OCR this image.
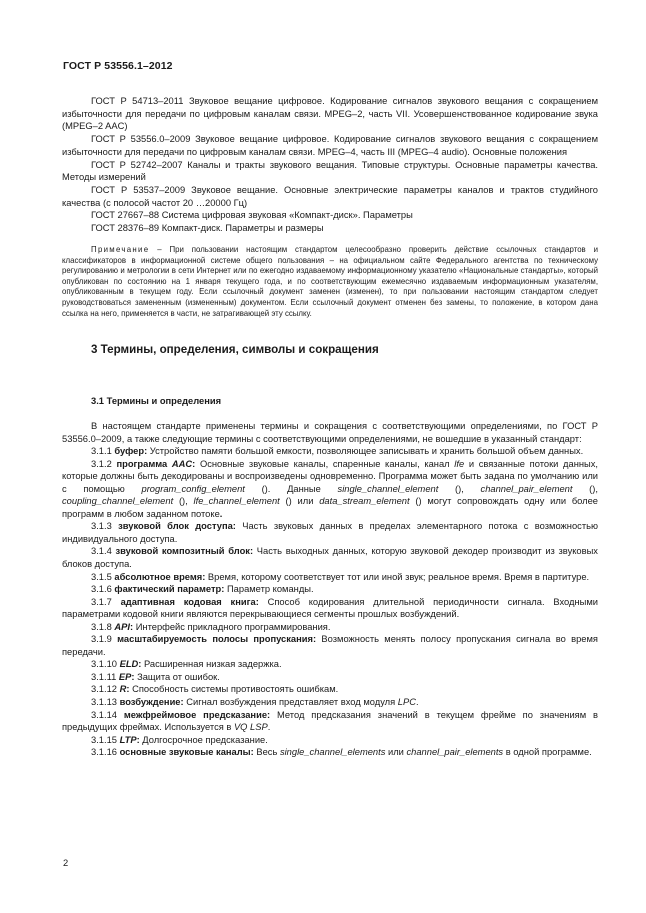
ГОСТ Р 53556.1–2012

ГОСТ Р 54713–2011 Звуковое вещание цифровое. Кодирование сигналов звукового вещания с сокращением избыточности для передачи по цифровым каналам связи. MPEG–2, часть VII. Усовершенствованное кодирование звука (MPEG–2 AAC)

ГОСТ Р 53556.0–2009 Звуковое вещание цифровое. Кодирование сигналов звукового вещания с сокращением избыточности для передачи по цифровым каналам связи. MPEG–4, часть III (MPEG–4 audio). Основные положения

ГОСТ Р 52742–2007 Каналы и тракты звукового вещания. Типовые структуры. Основные параметры качества. Методы измерений

ГОСТ Р 53537–2009 Звуковое вещание. Основные электрические параметры каналов и трактов студийного качества (с полосой частот 20 …20000 Гц)

ГОСТ 27667–88 Система цифровая звуковая «Компакт-диск». Параметры

ГОСТ 28376–89 Компакт-диск. Параметры и размеры

Примечание – При пользовании настоящим стандартом целесообразно проверить действие ссылочных стандартов и классификаторов в информационной системе общего пользования – на официальном сайте Федерального агентства по техническому регулированию и метрологии в сети Интернет или по ежегодно издаваемому информационному указателю «Национальные стандарты», который опубликован по состоянию на 1 января текущего года, и по соответствующим ежемесячно издаваемым информационным указателям, опубликованным в текущем году. Если ссылочный документ заменен (изменен), то при пользовании настоящим стандартом следует руководствоваться замененным (измененным) документом. Если ссылочный документ отменен без замены, то положение, в котором дана ссылка на него, применяется в части, не затрагивающей эту ссылку.

3 Термины, определения, символы и сокращения
3.1 Термины и определения

В настоящем стандарте применены термины и сокращения с соответствующими определениями, по ГОСТ Р 53556.0–2009, а также следующие термины с соответствующими определениями, не вошедшие в указанный стандарт:

3.1.1 буфер: Устройство памяти большой емкости, позволяющее записывать и хранить большой объем данных.

3.1.2 программа AAC: Основные звуковые каналы, спаренные каналы, канал lfe и связанные потоки данных, которые должны быть декодированы и воспроизведены одновременно. Программа может быть задана по умолчанию или с помощью program_config_element (). Данные single_channel_element (), channel_pair_element (), coupling_channel_element (), lfe_channel_element () или data_stream_element () могут сопровождать одну или более программ в любом заданном потоке.

3.1.3 звуковой блок доступа: Часть звуковых данных в пределах элементарного потока с возможностью индивидуального доступа.

3.1.4 звуковой композитный блок: Часть выходных данных, которую звуковой декодер производит из звуковых блоков доступа.

3.1.5 абсолютное время: Время, которому соответствует тот или иной звук; реальное время. Время в партитуре.

3.1.6 фактический параметр: Параметр команды.

3.1.7 адаптивная кодовая книга: Способ кодирования длительной периодичности сигнала. Входными параметрами кодовой книги являются перекрывающиеся сегменты прошлых возбуждений.

3.1.8 API: Интерфейс прикладного программирования.

3.1.9 масштабируемость полосы пропускания: Возможность менять полосу пропускания сигнала во время передачи.

3.1.10 ELD: Расширенная низкая задержка.

3.1.11 EP: Защита от ошибок.

3.1.12 R: Способность системы противостоять ошибкам.

3.1.13 возбуждение: Сигнал возбуждения представляет вход модуля LPC.

3.1.14 межфреймовое предсказание: Метод предсказания значений в текущем фрейме по значениям в предыдущих фреймах. Используется в VQ LSP.

3.1.15 LTP: Долгосрочное предсказание.

3.1.16 основные звуковые каналы: Весь single_channel_elements или channel_pair_elements в одной программе.

2
